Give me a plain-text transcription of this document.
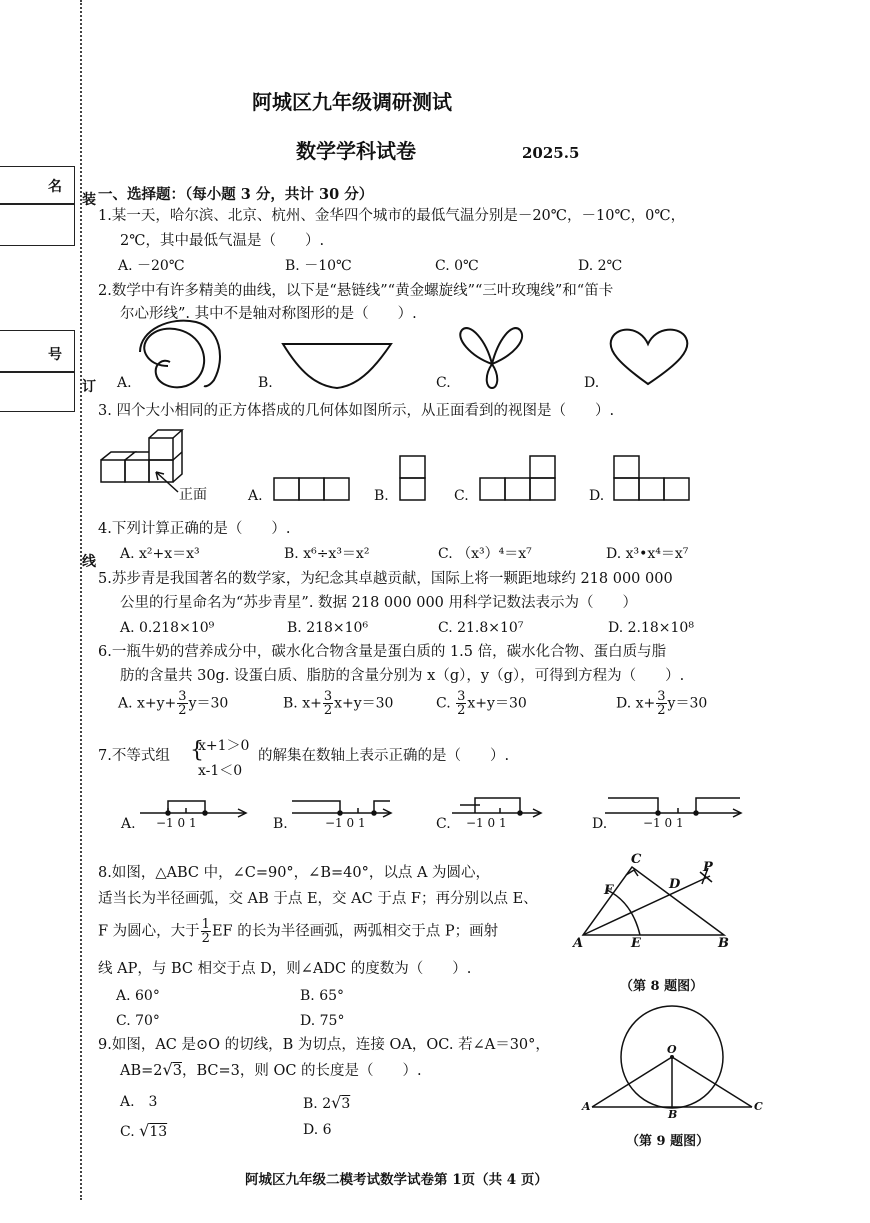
名
号
装
订
线
阿城区九年级调研测试
数学学科试卷	2025.5
一、选择题：（每小题 3 分，共计 30 分）
1.某一天，哈尔滨、北京、杭州、金华四个城市的最低气温分别是－20℃，－10℃，0℃，
2℃，其中最低气温是（　　）.
A. －20℃	B. －10℃	C. 0℃	D. 2℃
2.数学中有许多精美的曲线，以下是“悬链线”“黄金螺旋线”“三叶玫瑰线”和“笛卡
尔心形线”. 其中不是轴对称图形的是（　　）.
A.	B.	C.	D.
3. 四个大小相同的正方体搭成的几何体如图所示，从正面看到的视图是（　　）.
正面	A.	B.	C.	D.
4.下列计算正确的是（　　）.
A. x²+x＝x³	B. x⁶÷x³＝x²	C. （x³）⁴＝x⁷	D. x³•x⁴＝x⁷
5.苏步青是我国著名的数学家，为纪念其卓越贡献，国际上将一颗距地球约 218 000 000
公里的行星命名为“苏步青星”. 数据 218 000 000 用科学记数法表示为（　　）
A. 0.218×10⁹	B. 218×10⁶	C. 21.8×10⁷	D. 2.18×10⁸
6.一瓶牛奶的营养成分中，碳水化合物含量是蛋白质的 1.5 倍，碳水化合物、蛋白质与脂
肪的含量共 30g. 设蛋白质、脂肪的含量分别为 x（g），y（g），可得到方程为（　　）.
A. $x+y+ \frac{3}{2} y=30$	B. $x+ \frac{3}{2} x+y=30$	C. $\frac{3}{2} x+y=30$	D. $x+ \frac{3}{2} y=30$
7.不等式组 {
x+1＞0
x-1＜0
的解集在数轴上表示正确的是（　　）.
A. −1 0 1	B.	−1 0 1	C. −1 0 1	D.	−1 0 1
8.如图，△ABC 中，∠C=90°，∠B=40°，以点 A 为圆心，
适当长为半径画弧，交 AB 于点 E，交 AC 于点 F；再分别以点 E、
F 为圆心，大于 $\frac{1}{2}$ EF 的长为半径画弧，两弧相交于点 P；画射
线 AP，与 BC 相交于点 D，则∠ADC 的度数为（　　）.
A. 60°	B. 65°
C. 70°	D. 75°
C
P
F	D
A	E	B
（第 8 题图）
9.如图，AC 是⊙O 的切线，B 为切点，连接 OA，OC. 若∠A＝30°，
AB=2√3，BC=3，则 OC 的长度是（　　）.
A.　3	B. 2√3
C. √13	D. 6
O
A
B
C
（第 9 题图）
阿城区九年级二模考试数学试卷第 1页（共 4 页）
